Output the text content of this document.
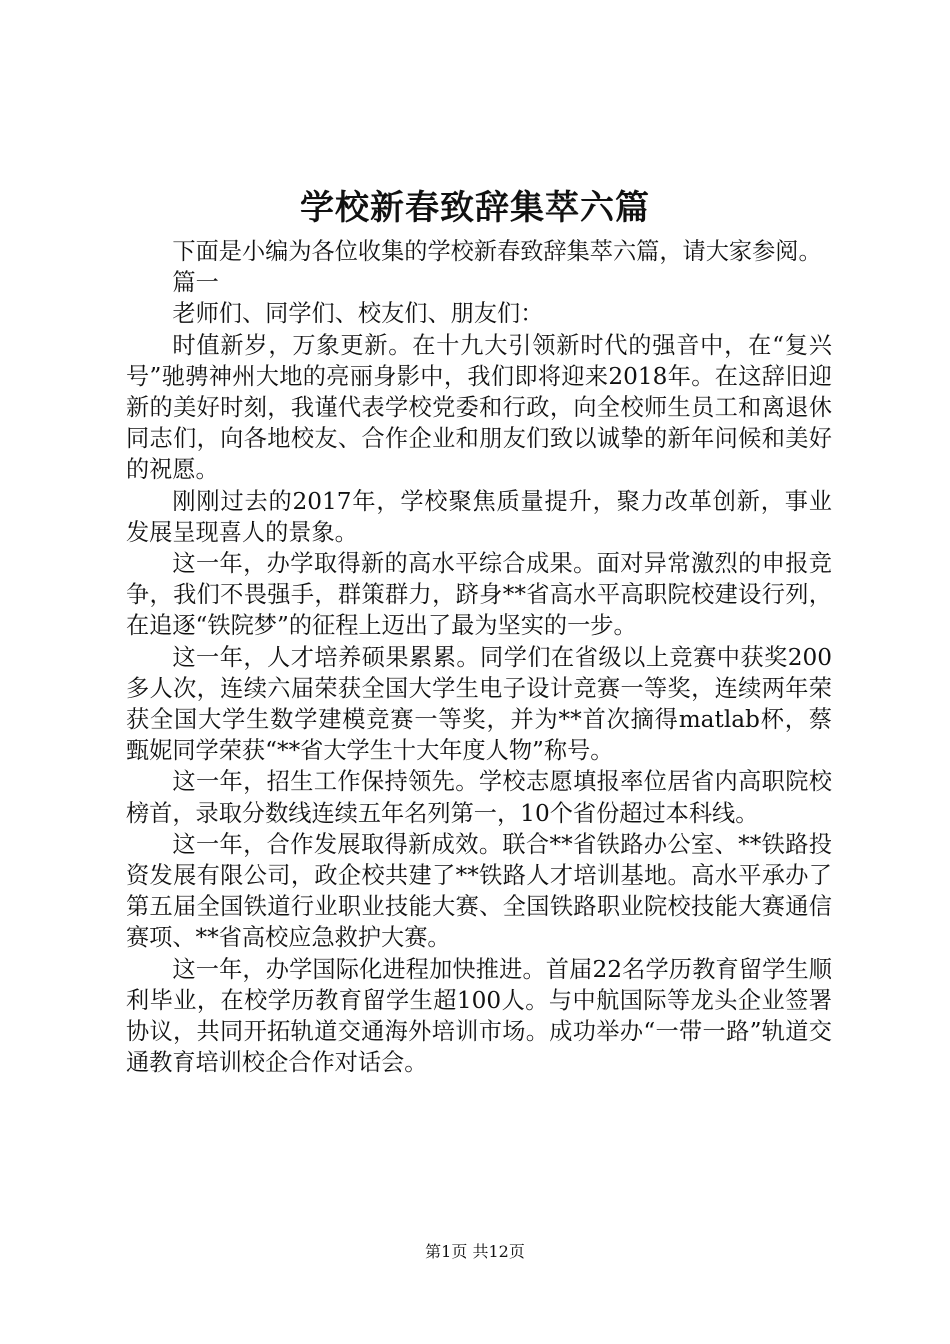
学校新春致辞集萃六篇

下面是小编为各位收集的学校新春致辞集萃六篇，请大家参阅。

篇一

老师们、同学们、校友们、朋友们：

时值新岁，万象更新。在十九大引领新时代的强音中，在“复兴号”驰骋神州大地的亮丽身影中，我们即将迎来2018年。在这辞旧迎新的美好时刻，我谨代表学校党委和行政，向全校师生员工和离退休同志们，向各地校友、合作企业和朋友们致以诚挚的新年问候和美好的祝愿。

刚刚过去的2017年，学校聚焦质量提升，聚力改革创新，事业发展呈现喜人的景象。

这一年，办学取得新的高水平综合成果。面对异常激烈的申报竞争，我们不畏强手，群策群力，跻身**省高水平高职院校建设行列，在追逐“铁院梦”的征程上迈出了最为坚实的一步。

这一年，人才培养硕果累累。同学们在省级以上竞赛中获奖200多人次，连续六届荣获全国大学生电子设计竞赛一等奖，连续两年荣获全国大学生数学建模竞赛一等奖，并为**首次摘得matlab杯，蔡甄妮同学荣获“**省大学生十大年度人物”称号。

这一年，招生工作保持领先。学校志愿填报率位居省内高职院校榜首，录取分数线连续五年名列第一，10个省份超过本科线。

这一年，合作发展取得新成效。联合**省铁路办公室、**铁路投资发展有限公司，政企校共建了**铁路人才培训基地。高水平承办了第五届全国铁道行业职业技能大赛、全国铁路职业院校技能大赛通信赛项、**省高校应急救护大赛。

这一年，办学国际化进程加快推进。首届22名学历教育留学生顺利毕业，在校学历教育留学生超100人。与中航国际等龙头企业签署协议，共同开拓轨道交通海外培训市场。成功举办“一带一路”轨道交通教育培训校企合作对话会。

第1页 共12页
